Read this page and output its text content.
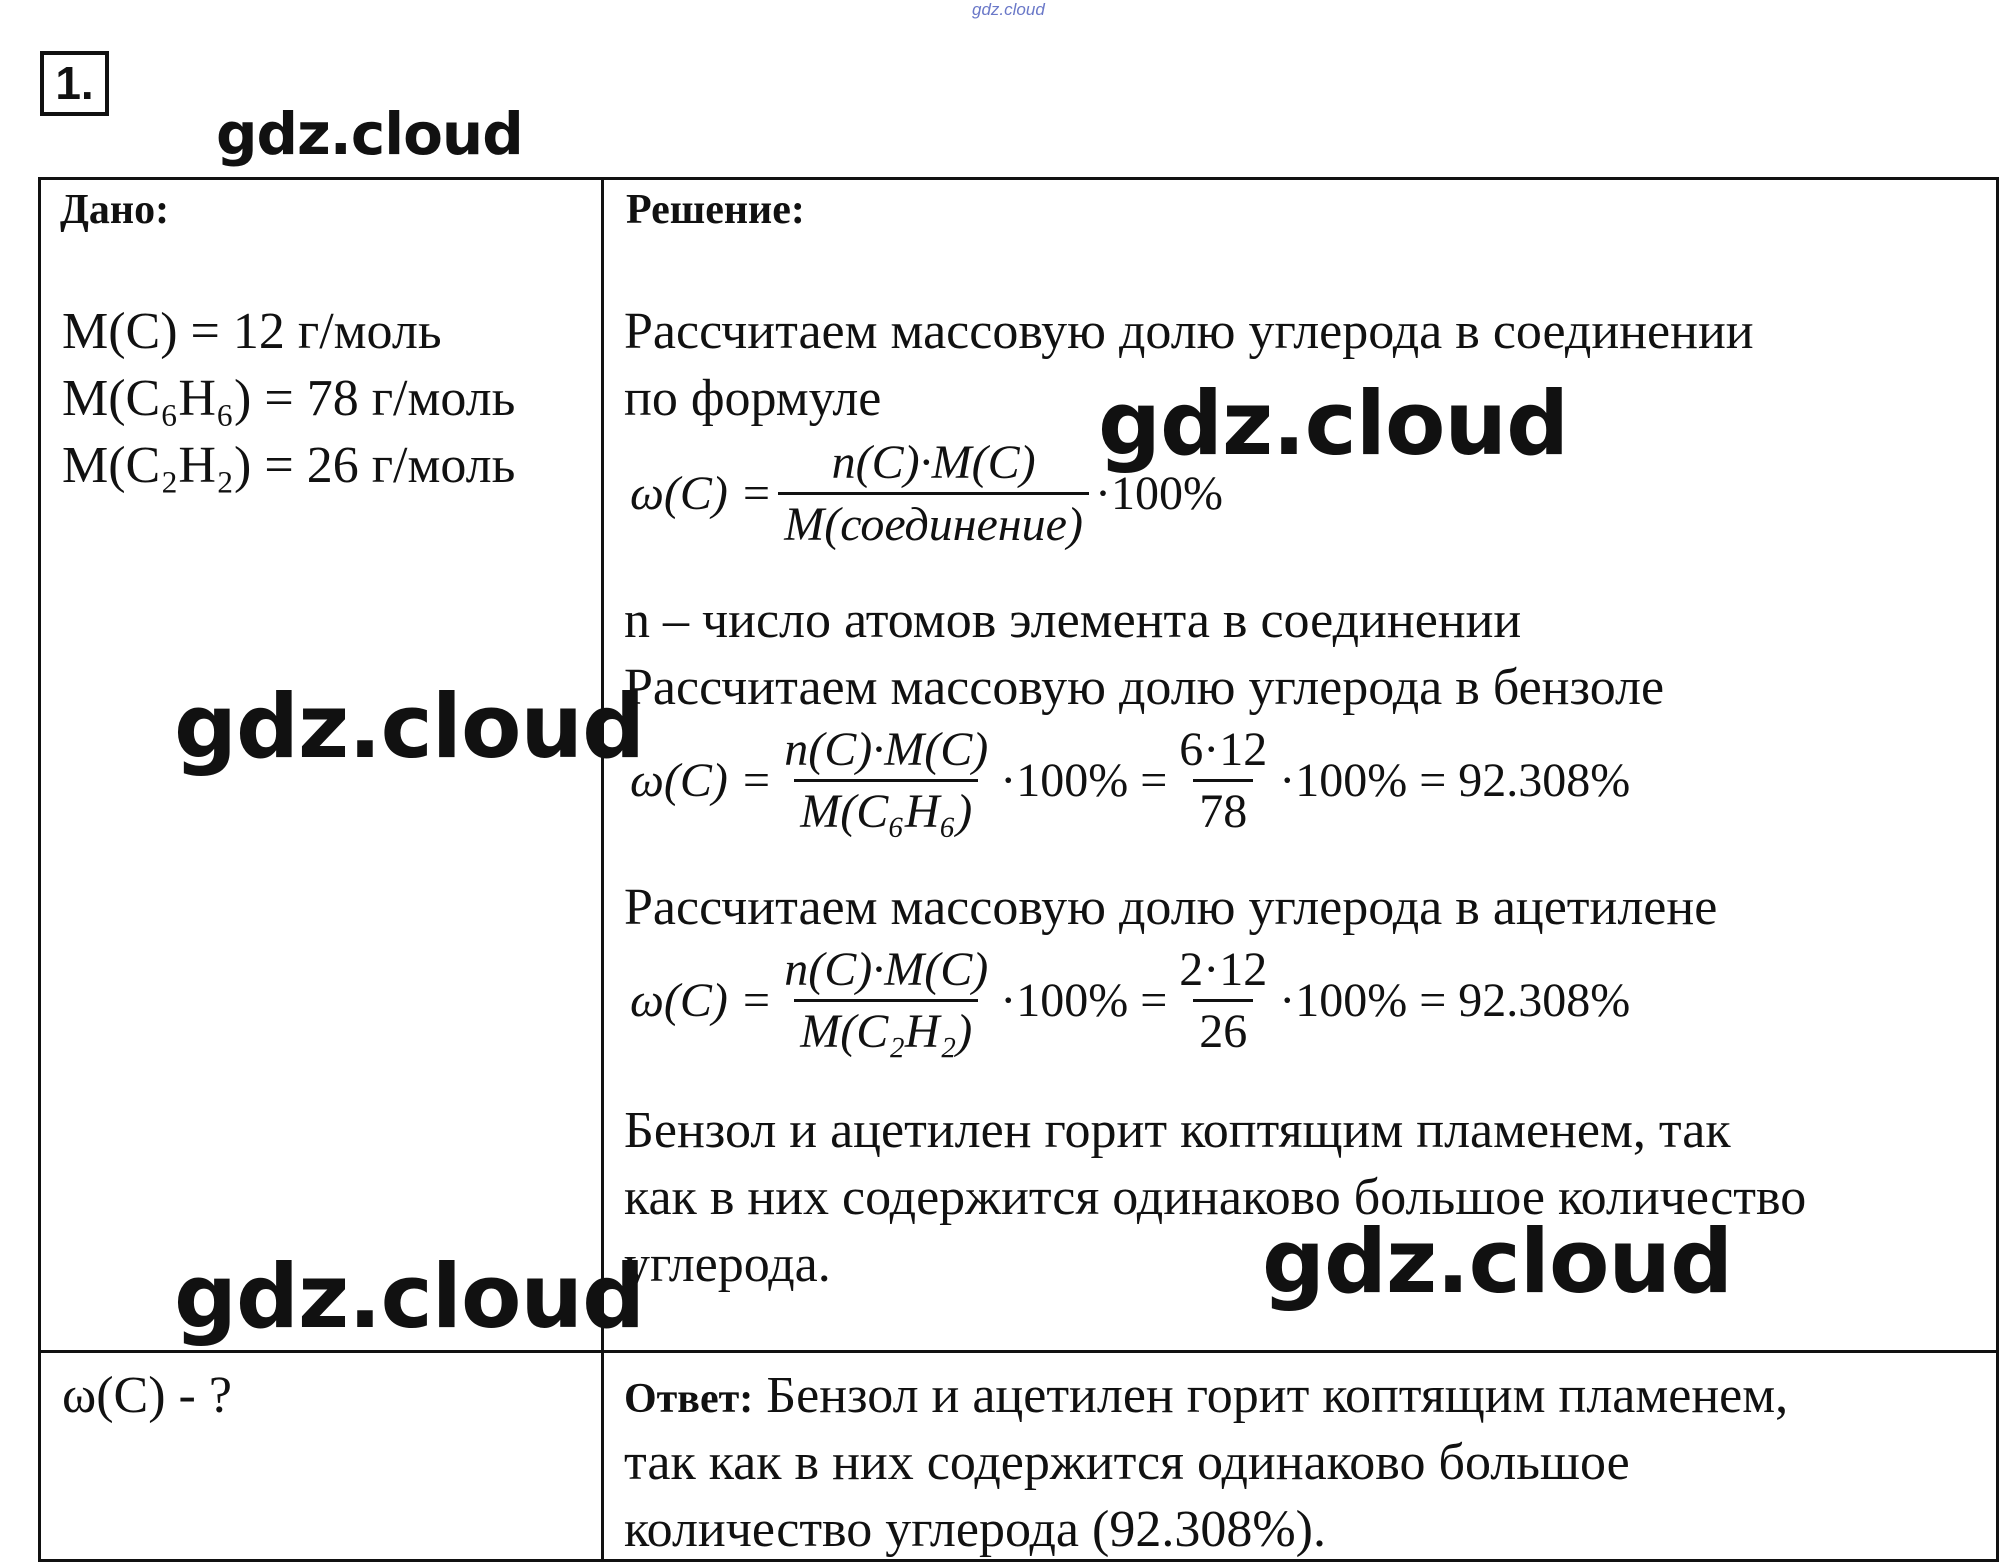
gdz.cloud
1.
Дано:
M(C) = 12 г/моль
M(C₆H₆) = 78 г/моль
M(C₂H₂) = 26 г/моль
ω(C) - ?
Решение:
Рассчитаем массовую долю углерода в соединении
по формуле
$\omega(C) = \frac{n(C)\cdot M(C)}{\text{M(соединение)}} \cdot 100\%$
n – число атомов элемента в соединении
Рассчитаем массовую долю углерода в бензоле
$\omega(C) = \frac{n(C)\cdot M(C)}{\text{M(C₆H₆)}} \cdot 100\% = \frac{6\cdot 12}{78} \cdot 100\% = 92.308\%$
Рассчитаем массовую долю углерода в ацетилене
$\omega(C) = \frac{n(C)\cdot M(C)}{\text{M(C₂H₂)}} \cdot 100\% = \frac{2\cdot 12}{26} \cdot 100\% = 92.308\%$
Бензол и ацетилен горит коптящим пламенем, так
как в них содержится одинаково большое количество
углерода.
Ответ: Бензол и ацетилен горит коптящим пламенем,
так как в них содержится одинаково большое
количество углерода (92.308%).
gdz.cloud
gdz.cloud
gdz.cloud
gdz.cloud
gdz.cloud
